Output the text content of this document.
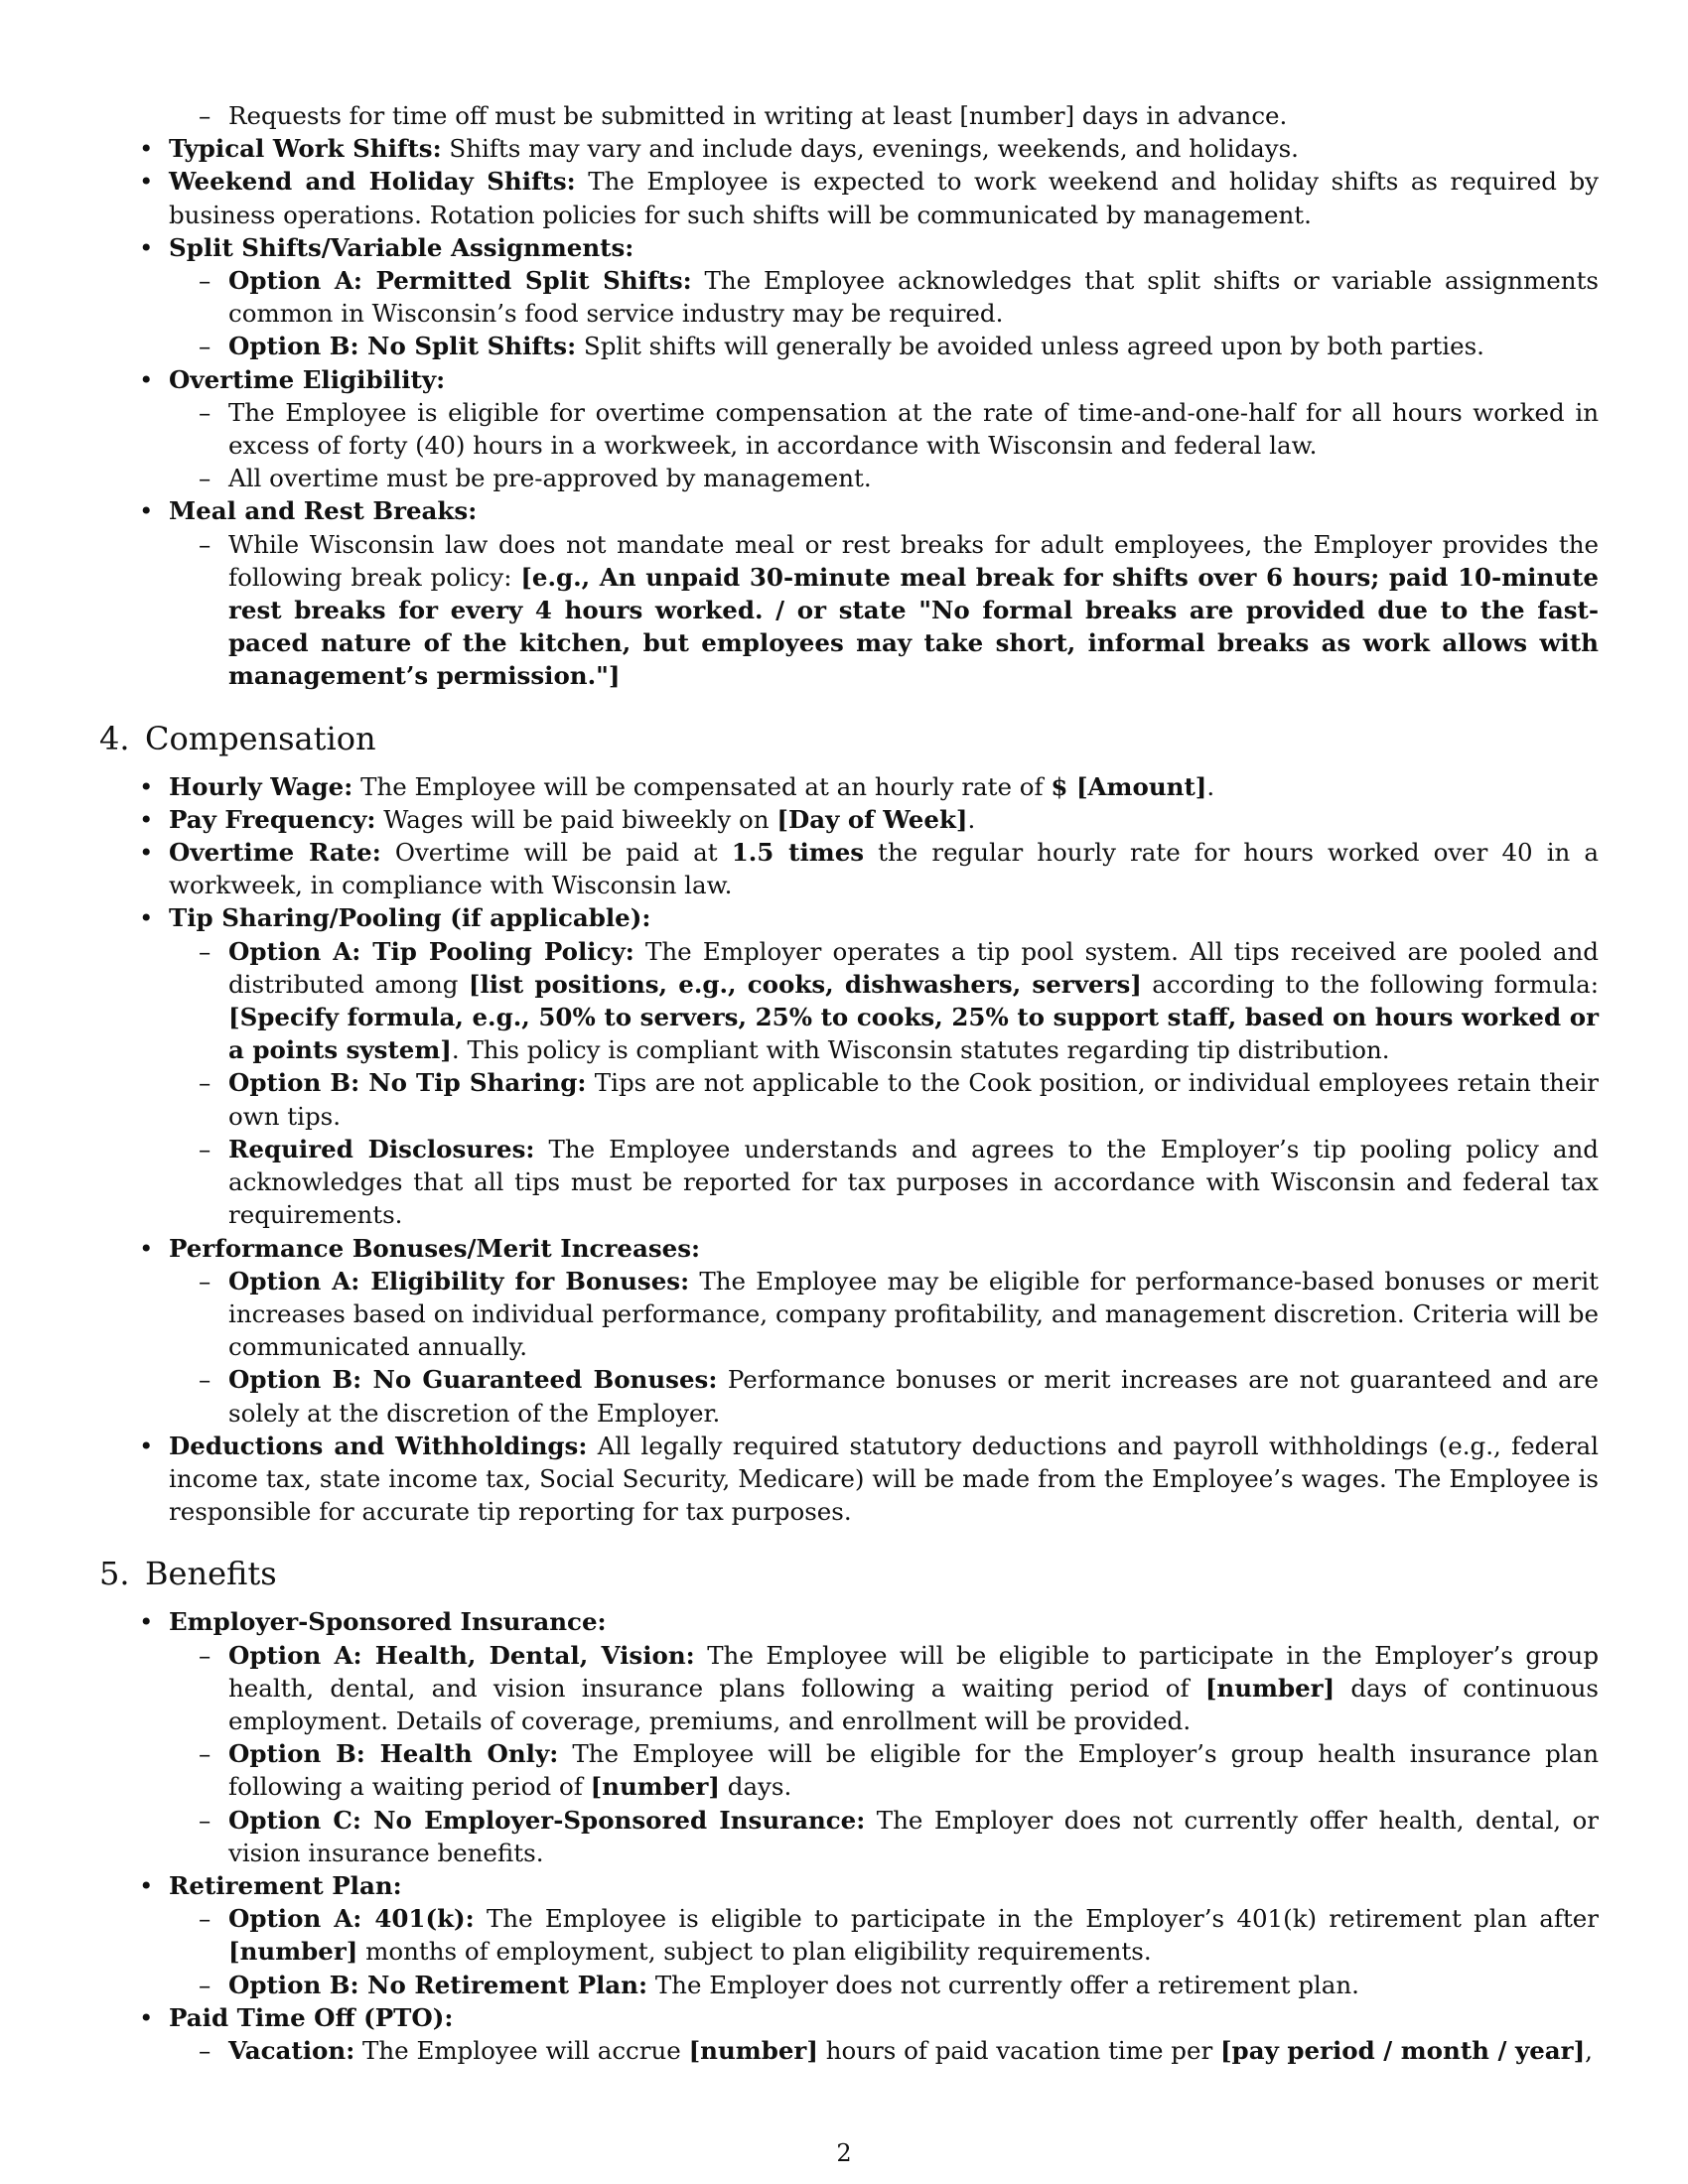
– Requests for time off must be submitted in writing at least [number] days in advance.
• Typical Work Shifts: Shifts may vary and include days, evenings, weekends, and holidays.
• Weekend and Holiday Shifts: The Employee is expected to work weekend and holiday shifts as required by business operations. Rotation policies for such shifts will be communicated by management.
• Split Shifts/Variable Assignments:
– Option A: Permitted Split Shifts: The Employee acknowledges that split shifts or variable assignments common in Wisconsin’s food service industry may be required.
– Option B: No Split Shifts: Split shifts will generally be avoided unless agreed upon by both parties.
• Overtime Eligibility:
– The Employee is eligible for overtime compensation at the rate of time-and-one-half for all hours worked in excess of forty (40) hours in a workweek, in accordance with Wisconsin and federal law.
– All overtime must be pre-approved by management.
• Meal and Rest Breaks:
– While Wisconsin law does not mandate meal or rest breaks for adult employees, the Employer provides the following break policy: [e.g., An unpaid 30-minute meal break for shifts over 6 hours; paid 10-minute rest breaks for every 4 hours worked. / or state "No formal breaks are provided due to the fast-paced nature of the kitchen, but employees may take short, informal breaks as work allows with management’s permission."]
4. Compensation
• Hourly Wage: The Employee will be compensated at an hourly rate of $ [Amount].
• Pay Frequency: Wages will be paid biweekly on [Day of Week].
• Overtime Rate: Overtime will be paid at 1.5 times the regular hourly rate for hours worked over 40 in a workweek, in compliance with Wisconsin law.
• Tip Sharing/Pooling (if applicable):
– Option A: Tip Pooling Policy: The Employer operates a tip pool system. All tips received are pooled and distributed among [list positions, e.g., cooks, dishwashers, servers] according to the following formula: [Specify formula, e.g., 50% to servers, 25% to cooks, 25% to support staff, based on hours worked or a points system]. This policy is compliant with Wisconsin statutes regarding tip distribution.
– Option B: No Tip Sharing: Tips are not applicable to the Cook position, or individual employees retain their own tips.
– Required Disclosures: The Employee understands and agrees to the Employer’s tip pooling policy and acknowledges that all tips must be reported for tax purposes in accordance with Wisconsin and federal tax requirements.
• Performance Bonuses/Merit Increases:
– Option A: Eligibility for Bonuses: The Employee may be eligible for performance-based bonuses or merit increases based on individual performance, company profitability, and management discretion. Criteria will be communicated annually.
– Option B: No Guaranteed Bonuses: Performance bonuses or merit increases are not guaranteed and are solely at the discretion of the Employer.
• Deductions and Withholdings: All legally required statutory deductions and payroll withholdings (e.g., federal income tax, state income tax, Social Security, Medicare) will be made from the Employee’s wages. The Employee is responsible for accurate tip reporting for tax purposes.
5. Benefits
• Employer-Sponsored Insurance:
– Option A: Health, Dental, Vision: The Employee will be eligible to participate in the Employer’s group health, dental, and vision insurance plans following a waiting period of [number] days of continuous employment. Details of coverage, premiums, and enrollment will be provided.
– Option B: Health Only: The Employee will be eligible for the Employer’s group health insurance plan following a waiting period of [number] days.
– Option C: No Employer-Sponsored Insurance: The Employer does not currently offer health, dental, or vision insurance benefits.
• Retirement Plan:
– Option A: 401(k): The Employee is eligible to participate in the Employer’s 401(k) retirement plan after [number] months of employment, subject to plan eligibility requirements.
– Option B: No Retirement Plan: The Employer does not currently offer a retirement plan.
• Paid Time Off (PTO):
– Vacation: The Employee will accrue [number] hours of paid vacation time per [pay period / month / year],
2
